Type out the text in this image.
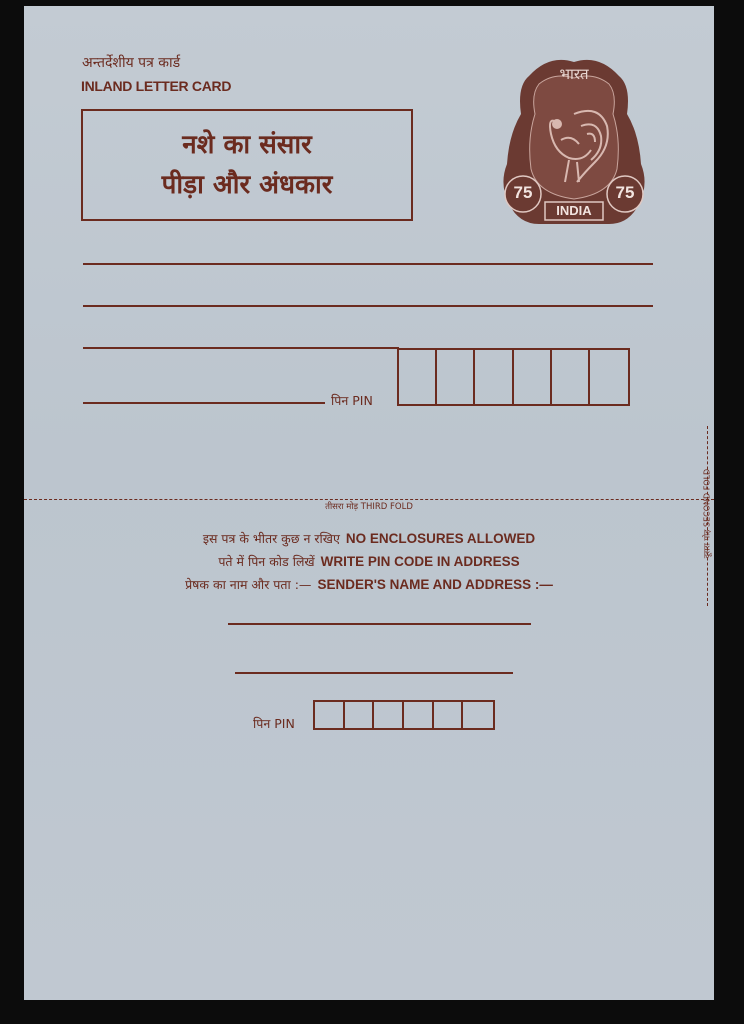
अन्तर्देशीय पत्र कार्ड
INLAND LETTER CARD
नशे का संसार
पीड़ा और अंधकार
भारत
75	75
INDIA
पिन PIN
तीसरा मोड़ THIRD FOLD	दूसरा मोड़ SECOND FOLD
इस पत्र के भीतर कुछ न रखिए NO ENCLOSURES ALLOWED
पते में पिन कोड लिखें WRITE PIN CODE IN ADDRESS
प्रेषक का नाम और पता :— SENDER'S NAME AND ADDRESS :—
पिन PIN
